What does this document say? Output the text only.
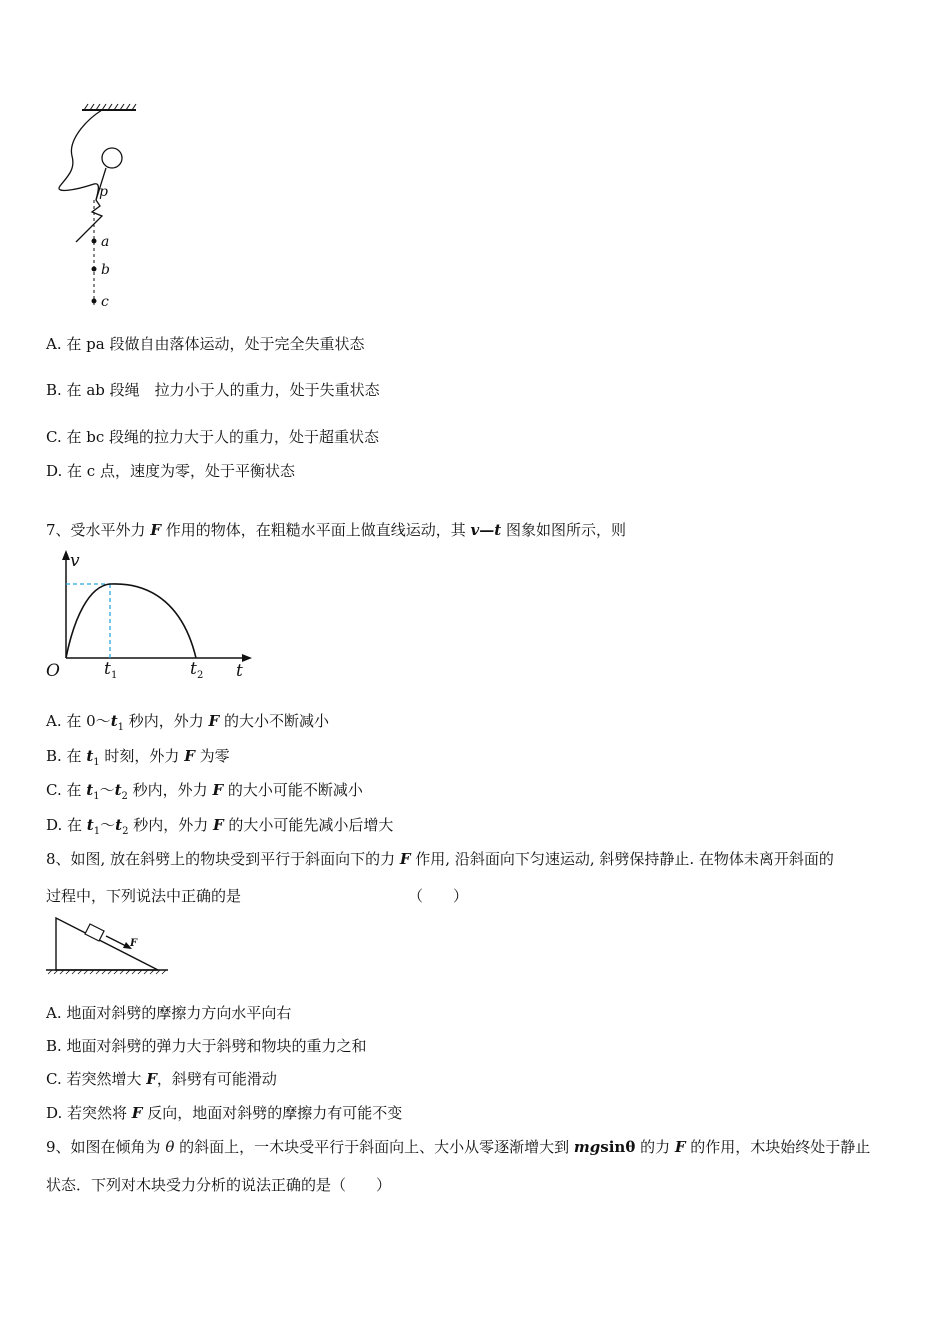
p
a
b
c
A. 在 pa 段做自由落体运动，处于完全失重状态
B. 在 ab 段绳　拉力小于人的重力，处于失重状态
C. 在 bc 段绳的拉力大于人的重力，处于超重状态
D. 在 c 点，速度为零，处于平衡状态
7、受水平外力 F 作用的物体，在粗糙水平面上做直线运动，其 v—t 图象如图所示，则
v
O	t 1	t 2 t
A. 在 $0\sim t_1$ 秒内，外力 F 的大小不断减小
B. 在 $t_1$ 时刻，外力 F 为零
C. 在 $t_1\sim t_2$ 秒内，外力 F 的大小可能不断减小
D. 在 $t_1\sim t_2$ 秒内，外力 F 的大小可能先减小后增大
8、如图, 放在斜劈上的物块受到平行于斜面向下的力 F 作用, 沿斜面向下匀速运动, 斜劈保持静止. 在物体未离开斜面的
过程中，下列说法中正确的是	（　　）
F
A. 地面对斜劈的摩擦力方向水平向右
B. 地面对斜劈的弹力大于斜劈和物块的重力之和
C. 若突然增大 F，斜劈有可能滑动
D. 若突然将 F 反向，地面对斜劈的摩擦力有可能不变
9、如图在倾角为 θ 的斜面上，一木块受平行于斜面向上、大小从零逐渐增大到 mgsinθ 的力 F 的作用，木块始终处于静止
状态．下列对木块受力分析的说法正确的是（　　）
